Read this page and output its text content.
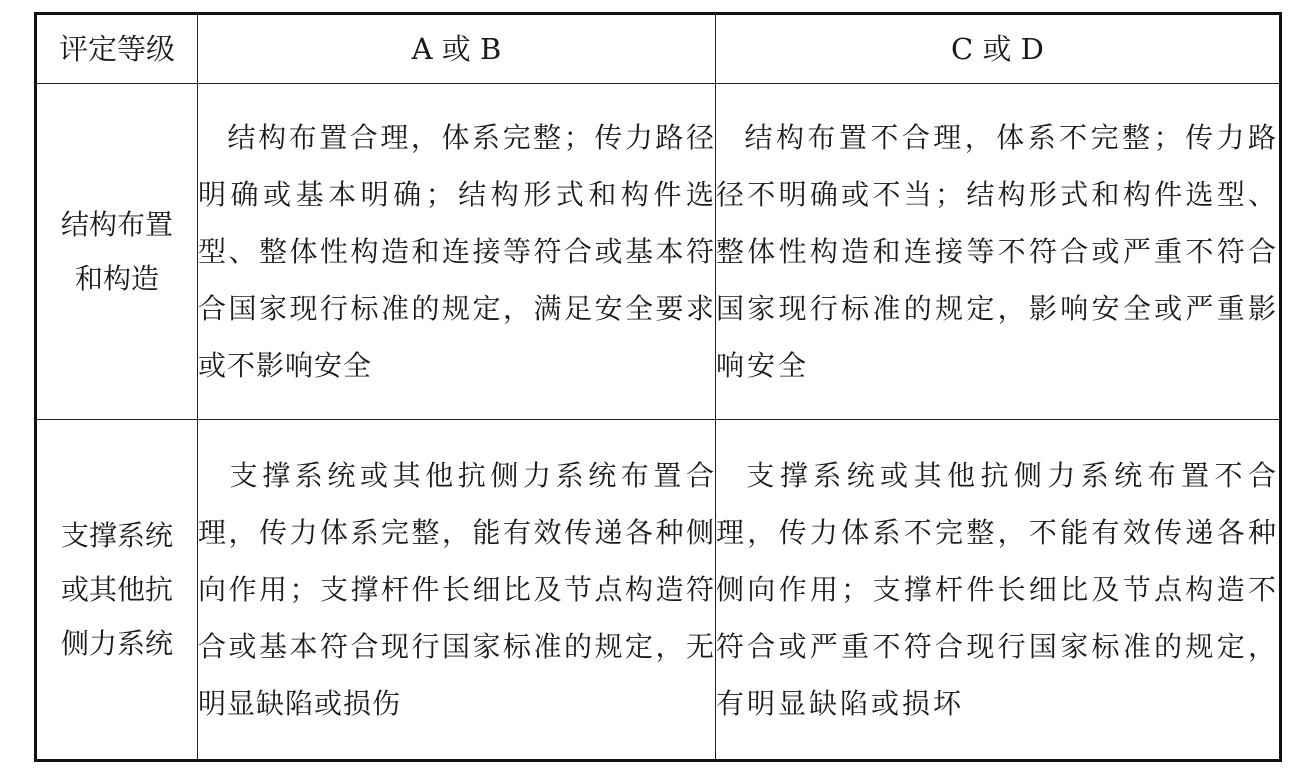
评定等级	A 或 B	C 或 D

结构布置
和构造	结构布置合理，体系完整；传力路径明确或基本明确；结构形式和构件选型、整体性构造和连接等符合或基本符合国家现行标准的规定，满足安全要求或不影响安全	结构布置不合理，体系不完整；传力路径不明确或不当；结构形式和构件选型、整体性构造和连接等不符合或严重不符合国家现行标准的规定，影响安全或严重影响安全

支撑系统
或其他抗
侧力系统	支撑系统或其他抗侧力系统布置合理，传力体系完整，能有效传递各种侧向作用；支撑杆件长细比及节点构造符合或基本符合现行国家标准的规定，无明显缺陷或损伤	支撑系统或其他抗侧力系统布置不合理，传力体系不完整，不能有效传递各种侧向作用；支撑杆件长细比及节点构造不符合或严重不符合现行国家标准的规定，有明显缺陷或损坏
